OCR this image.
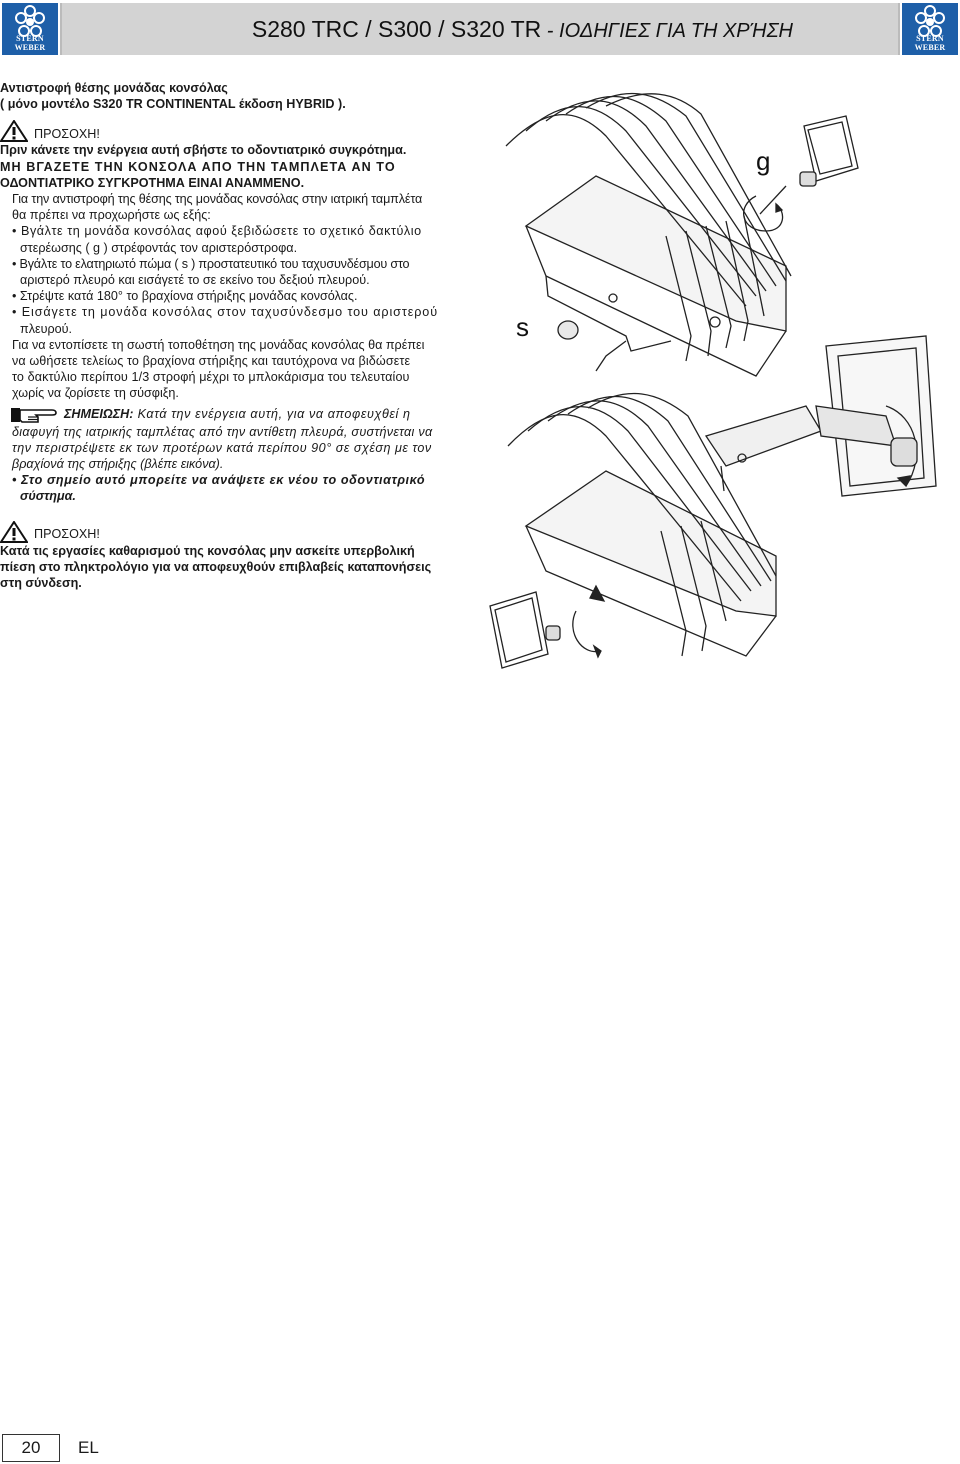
STERN WEBER
S280 TRC / S300 / S320 TR - ΙΟΔΗΓΙΕΣ ΓΙΑ ΤΗ ΧΡΉΣΗ	STERN WEBER

Αντιστροφή θέσης μονάδας κονσόλας

( μόνο μοντέλο S320 TR CONTINENTAL έκδοση HYBRID ).

ΠΡΟΣΟΧΗ!

Πριν κάνετε την ενέργεια αυτή σβήστε το οδοντιατρικό συγκρότημα.

ΜΗ ΒΓΑΖΕΤΕ ΤΗΝ ΚΟΝΣΟΛΑ ΑΠΟ ΤΗΝ ΤΑΜΠΛΕΤΑ ΑΝ ΤΟ

ΟΔΟΝΤΙΑΤΡΙΚΟ ΣΥΓΚΡΟΤΗΜΑ ΕΙΝΑΙ ΑΝΑΜΜΕΝΟ.

Για την αντιστροφή της θέσης της μονάδας κονσόλας στην ιατρική ταμπλέτα

θα πρέπει να προχωρήστε ως εξής:

• Βγάλτε τη μονάδα κονσόλας αφού ξεβιδώσετε το σχετικό δακτύλιο

στερέωσης ( g ) στρέφοντάς τον αριστερόστροφα.

• Βγάλτε το ελατηριωτό πώμα ( s ) προστατευτικό του ταχυσυνδέσμου στο

αριστερό πλευρό και εισάγετέ το σε εκείνο του δεξιού πλευρού.

• Στρέψτε κατά 180° το βραχίονα στήριξης μονάδας κονσόλας.

• Εισάγετε τη μονάδα κονσόλας στον ταχυσύνδεσμο του αριστερού

πλευρού.

Για να εντοπίσετε τη σωστή τοποθέτηση της μονάδας κονσόλας θα πρέπει

να ωθήσετε τελείως το βραχίονα στήριξης και ταυτόχρονα να βιδώσετε

το δακτύλιο περίπου 1/3 στροφή μέχρι το μπλοκάρισμα του τελευταίου

χωρίς να ζορίσετε τη σύσφιξη.

ΣΗΜΕΙΩΣΗ: Κατά την ενέργεια αυτή, για να αποφευχθεί η

διαφυγή της ιατρικής ταμπλέτας από την αντίθετη πλευρά, συστήνεται να

την περιστρέψετε εκ των προτέρων κατά περίπου 90° σε σχέση με τον

βραχίονά της στήριξης (βλέπε εικόνα).

• Στο σημείο αυτό μπορείτε να ανάψετε εκ νέου το οδοντιατρικό

σύστημα.

ΠΡΟΣΟΧΗ!

Κατά τις εργασίες καθαρισμού της κονσόλας μην ασκείτε υπερβολική

πίεση στο πληκτρολόγιο για να αποφευχθούν επιβλαβείς καταπονήσεις

στη σύνδεση.

g
s
20	EL
